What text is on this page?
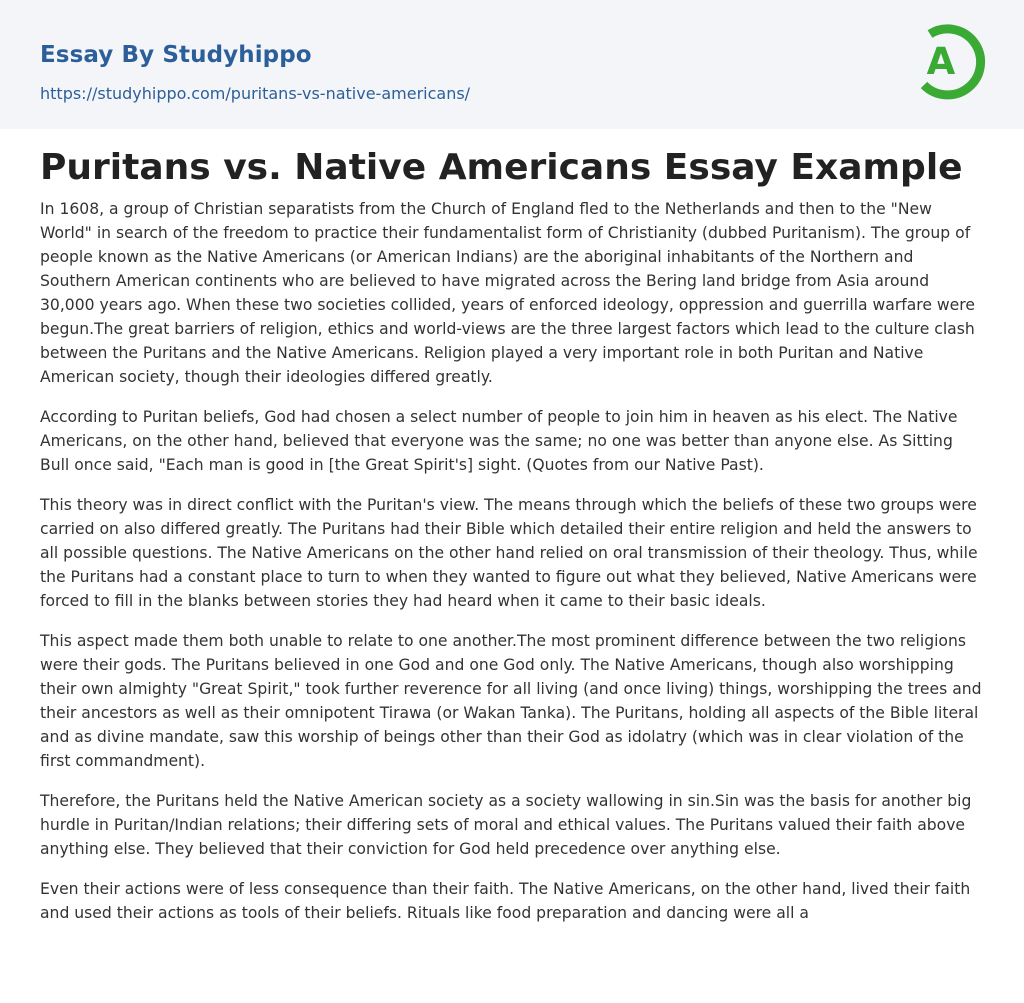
Essay By Studyhippo
https://studyhippo.com/puritans-vs-native-americans/
A
Puritans vs. Native Americans Essay Example

In 1608, a group of Christian separatists from the Church of England fled to the Netherlands and then to the "New World" in search of the freedom to practice their fundamentalist form of Christianity (dubbed Puritanism). The group of people known as the Native Americans (or American Indians) are the aboriginal inhabitants of the Northern and Southern American continents who are believed to have migrated across the Bering land bridge from Asia around 30,000 years ago. When these two societies collided, years of enforced ideology, oppression and guerrilla warfare were begun.The great barriers of religion, ethics and world-views are the three largest factors which lead to the culture clash between the Puritans and the Native Americans. Religion played a very important role in both Puritan and Native American society, though their ideologies differed greatly.

According to Puritan beliefs, God had chosen a select number of people to join him in heaven as his elect. The Native Americans, on the other hand, believed that everyone was the same; no one was better than anyone else. As Sitting Bull once said, "Each man is good in [the Great Spirit's] sight. (Quotes from our Native Past).

This theory was in direct conflict with the Puritan's view. The means through which the beliefs of these two groups were carried on also differed greatly. The Puritans had their Bible which detailed their entire religion and held the answers to all possible questions. The Native Americans on the other hand relied on oral transmission of their theology. Thus, while the Puritans had a constant place to turn to when they wanted to figure out what they believed, Native Americans were forced to fill in the blanks between stories they had heard when it came to their basic ideals.

This aspect made them both unable to relate to one another.The most prominent difference between the two religions were their gods. The Puritans believed in one God and one God only. The Native Americans, though also worshipping their own almighty "Great Spirit," took further reverence for all living (and once living) things, worshipping the trees and their ancestors as well as their omnipotent Tirawa (or Wakan Tanka). The Puritans, holding all aspects of the Bible literal and as divine mandate, saw this worship of beings other than their God as idolatry (which was in clear violation of the first commandment).

Therefore, the Puritans held the Native American society as a society wallowing in sin.Sin was the basis for another big hurdle in Puritan/Indian relations; their differing sets of moral and ethical values. The Puritans valued their faith above anything else. They believed that their conviction for God held precedence over anything else.

Even their actions were of less consequence than their faith. The Native Americans, on the other hand, lived their faith and used their actions as tools of their beliefs. Rituals like food preparation and dancing were all a
